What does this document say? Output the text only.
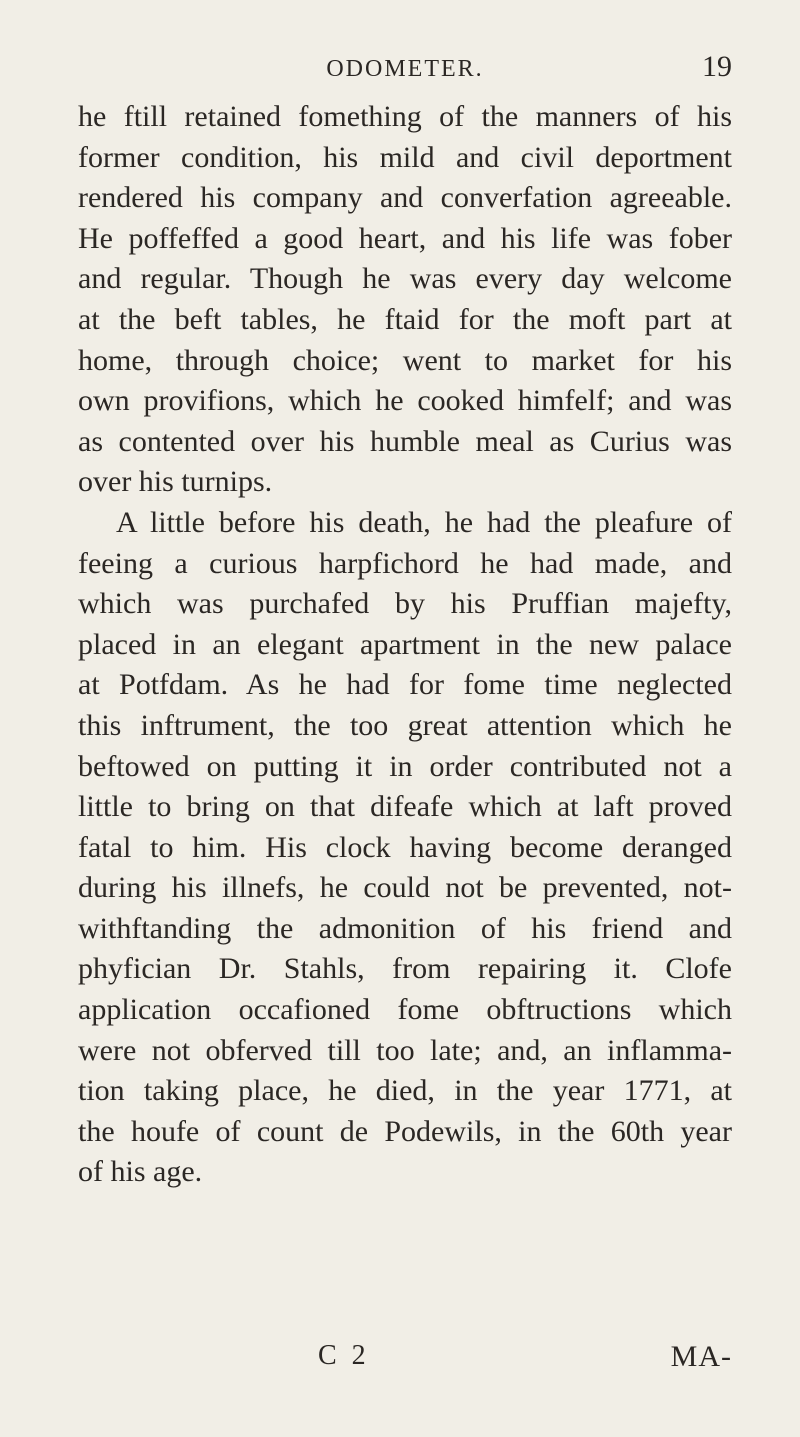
ODOMETER.	19
he ftill retained fomething of the manners of his
former condition, his mild and civil deportment
rendered his company and converfation agreeable.
He poffeffed a good heart, and his life was fober
and regular. Though he was every day welcome
at the beft tables, he ftaid for the moft part at
home, through choice; went to market for his
own provifions, which he cooked himfelf; and was
as contented over his humble meal as Curius was
over his turnips.
A little before his death, he had the pleafure of
feeing a curious harpfichord he had made, and
which was purchafed by his Pruffian majefty,
placed in an elegant apartment in the new palace
at Potfdam. As he had for fome time neglected
this inftrument, the too great attention which he
beftowed on putting it in order contributed not a
little to bring on that difeafe which at laft proved
fatal to him. His clock having become deranged
during his illnefs, he could not be prevented, not-
withftanding the admonition of his friend and
phyfician Dr. Stahls, from repairing it. Clofe
application occafioned fome obftructions which
were not obferved till too late; and, an inflamma-
tion taking place, he died, in the year 1771, at
the houfe of count de Podewils, in the 60th year
of his age.
C 2	MA-
